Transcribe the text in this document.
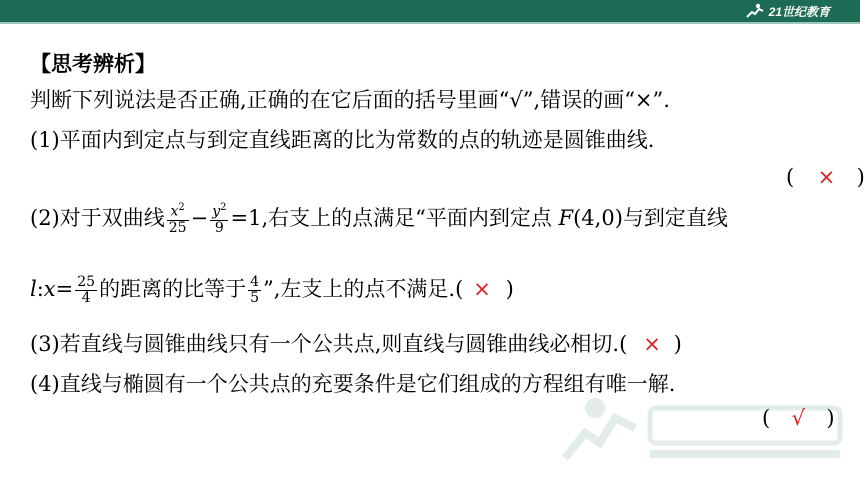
21世纪教育
【思考辨析】
判断下列说法是否正确,正确的在它后面的括号里画“√”,错误的画“×”.
(1)平面内到定点与到定直线距离的比为常数的点的轨迹是圆锥曲线.
( × )
(2)对于双曲线 $\frac{x^2}{25} - \frac{y^2}{9} =1$,右支上的点满足“平面内到定点 F(4,0)与到定直线
l:x= $\frac{25}{4}$ 的距离的比等于 $\frac{4}{5}$ ”,左支上的点不满足.( × )
(3)若直线与圆锥曲线只有一个公共点,则直线与圆锥曲线必相切.( × )
(4)直线与椭圆有一个公共点的充要条件是它们组成的方程组有唯一解.
( √ )
